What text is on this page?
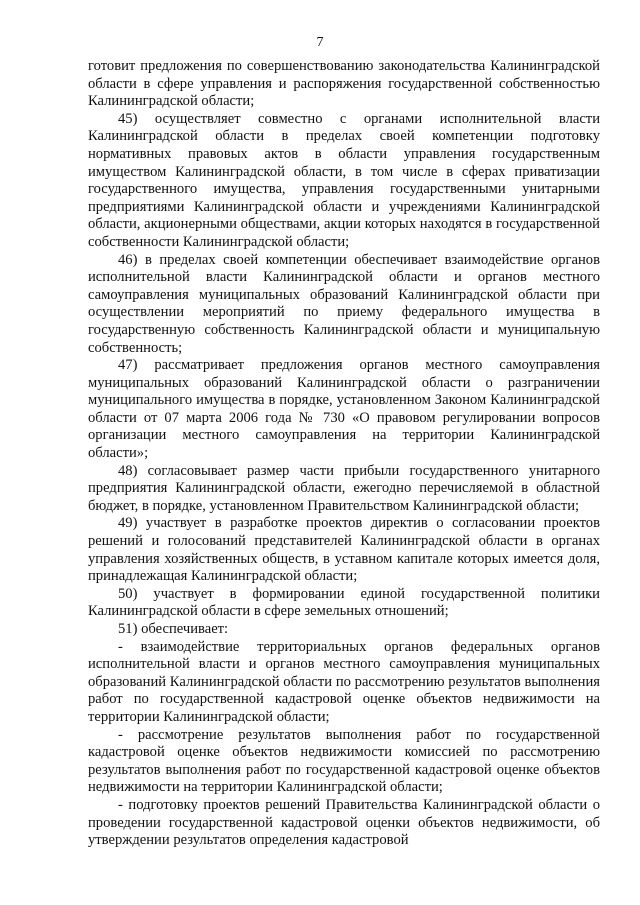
7

готовит предложения по совершенствованию законодательства Калининградской области в сфере управления и распоряжения государственной собственностью Калининградской области;

45) осуществляет совместно с органами исполнительной власти Калининградской области в пределах своей компетенции подготовку нормативных правовых актов в области управления государственным имуществом Калининградской области, в том числе в сферах приватизации государственного имущества, управления государственными унитарными предприятиями Калининградской области и учреждениями Калининградской области, акционерными обществами, акции которых находятся в государственной собственности Калининградской области;

46) в пределах своей компетенции обеспечивает взаимодействие органов исполнительной власти Калининградской области и органов местного самоуправления муниципальных образований Калининградской области при осуществлении мероприятий по приему федерального имущества в государственную собственность Калининградской области и муниципальную собственность;

47) рассматривает предложения органов местного самоуправления муниципальных образований Калининградской области о разграничении муниципального имущества в порядке, установленном Законом Калининградской области от 07 марта 2006 года № 730 «О правовом регулировании вопросов организации местного самоуправления на территории Калининградской области»;

48) согласовывает размер части прибыли государственного унитарного предприятия Калининградской области, ежегодно перечисляемой в областной бюджет, в порядке, установленном Правительством Калининградской области;

49) участвует в разработке проектов директив о согласовании проектов решений и голосований представителей Калининградской области в органах управления хозяйственных обществ, в уставном капитале которых имеется доля, принадлежащая Калининградской области;

50) участвует в формировании единой государственной политики Калининградской области в сфере земельных отношений;

51) обеспечивает:

- взаимодействие территориальных органов федеральных органов исполнительной власти и органов местного самоуправления муниципальных образований Калининградской области по рассмотрению результатов выполнения работ по государственной кадастровой оценке объектов недвижимости на территории Калининградской области;

- рассмотрение результатов выполнения работ по государственной кадастровой оценке объектов недвижимости комиссией по рассмотрению результатов выполнения работ по государственной кадастровой оценке объектов недвижимости на территории Калининградской области;

- подготовку проектов решений Правительства Калининградской области о проведении государственной кадастровой оценки объектов недвижимости, об утверждении результатов определения кадастровой
